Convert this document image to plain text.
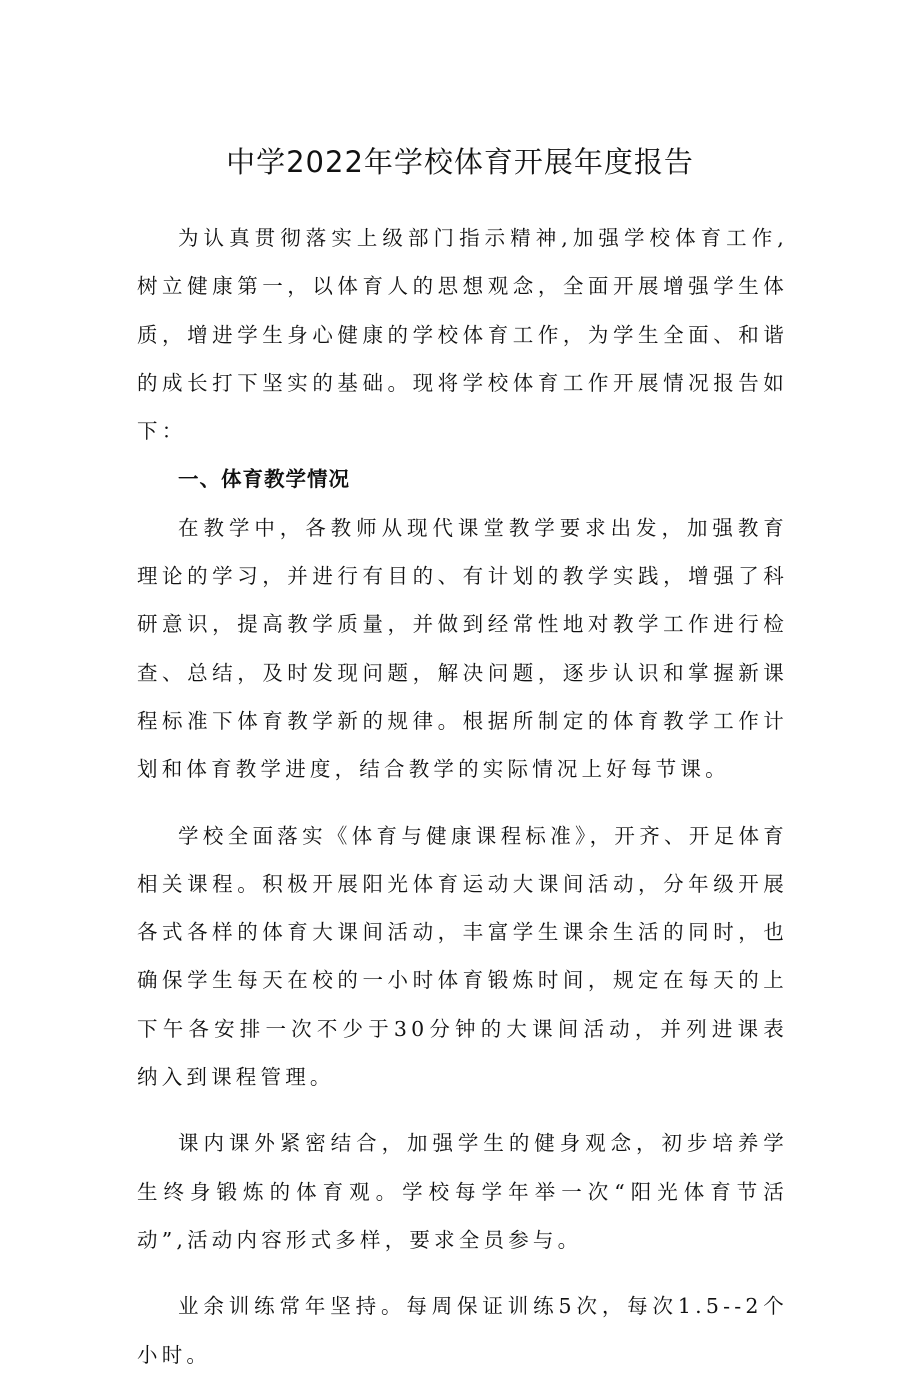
中学2022年学校体育开展年度报告

为认真贯彻落实上级部门指示精神,加强学校体育工作,树立健康第一，以体育人的思想观念，全面开展增强学生体质，增进学生身心健康的学校体育工作，为学生全面、和谐的成长打下坚实的基础。现将学校体育工作开展情况报告如下：

一、体育教学情况

在教学中，各教师从现代课堂教学要求出发，加强教育理论的学习，并进行有目的、有计划的教学实践，增强了科研意识，提高教学质量，并做到经常性地对教学工作进行检查、总结，及时发现问题，解决问题，逐步认识和掌握新课程标准下体育教学新的规律。根据所制定的体育教学工作计划和体育教学进度，结合教学的实际情况上好每节课。

学校全面落实《体育与健康课程标准》，开齐、开足体育相关课程。积极开展阳光体育运动大课间活动，分年级开展各式各样的体育大课间活动，丰富学生课余生活的同时，也确保学生每天在校的一小时体育锻炼时间，规定在每天的上下午各安排一次不少于30分钟的大课间活动，并列进课表纳入到课程管理。

课内课外紧密结合，加强学生的健身观念，初步培养学生终身锻炼的体育观。学校每学年举一次“阳光体育节活动”,活动内容形式多样，要求全员参与。

业余训练常年坚持。每周保证训练5次，每次1.5--2个小时。
